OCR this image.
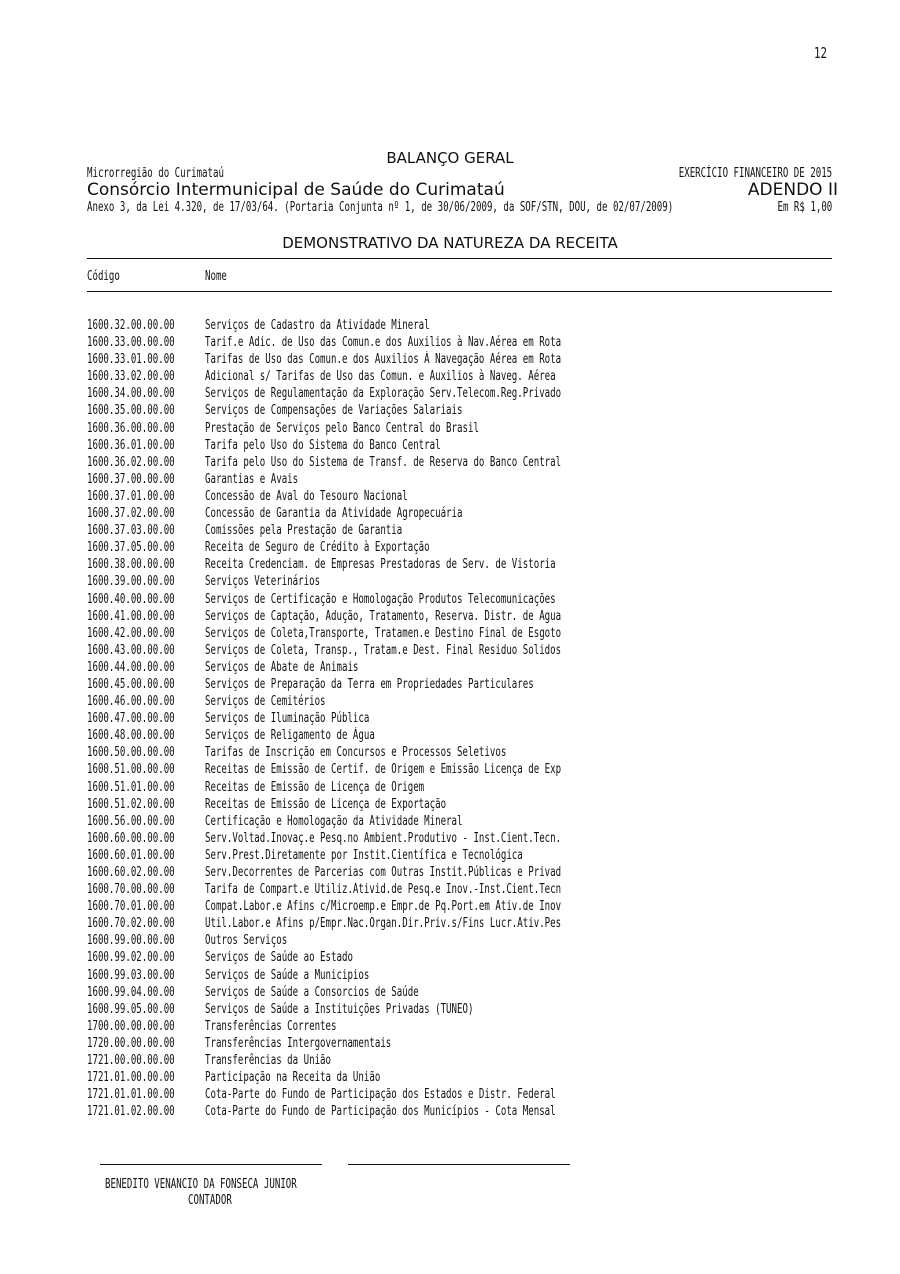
12
BALANÇO GERAL
Microrregião do Curimataú	EXERCÍCIO FINANCEIRO DE 2015
Consórcio Intermunicipal de Saúde do Curimataú	ADENDO II
Anexo 3, da Lei 4.320, de 17/03/64. (Portaria Conjunta nº 1, de 30/06/2009, da SOF/STN, DOU, de 02/07/2009)	Em R$ 1,00
DEMONSTRATIVO DA NATUREZA DA RECEITA
Código	Nome
1600.32.00.00.00 Serviços de Cadastro da Atividade Mineral
1600.33.00.00.00 Tarif.e Adic. de Uso das Comun.e dos Auxilios à Nav.Aérea em Rota
1600.33.01.00.00 Tarifas de Uso das Comun.e dos Auxilios À Navegação Aérea em Rota
1600.33.02.00.00 Adicional s/ Tarifas de Uso das Comun. e Auxilios à Naveg. Aérea
1600.34.00.00.00 Serviços de Regulamentação da Exploração Serv.Telecom.Reg.Privado
1600.35.00.00.00 Serviços de Compensações de Variações Salariais
1600.36.00.00.00 Prestação de Serviços pelo Banco Central do Brasil
1600.36.01.00.00 Tarifa pelo Uso do Sistema do Banco Central
1600.36.02.00.00 Tarifa pelo Uso do Sistema de Transf. de Reserva do Banco Central
1600.37.00.00.00 Garantias e Avais
1600.37.01.00.00 Concessão de Aval do Tesouro Nacional
1600.37.02.00.00 Concessão de Garantia da Atividade Agropecuária
1600.37.03.00.00 Comissões pela Prestação de Garantia
1600.37.05.00.00 Receita de Seguro de Crédito à Exportação
1600.38.00.00.00 Receita Credenciam. de Empresas Prestadoras de Serv. de Vistoria
1600.39.00.00.00 Serviços Veterinários
1600.40.00.00.00 Serviços de Certificação e Homologação Produtos Telecomunicações
1600.41.00.00.00 Serviços de Captação, Adução, Tratamento, Reserva. Distr. de Agua
1600.42.00.00.00 Serviços de Coleta,Transporte, Tratamen.e Destino Final de Esgoto
1600.43.00.00.00 Serviços de Coleta, Transp., Tratam.e Dest. Final Residuo Solidos
1600.44.00.00.00 Serviços de Abate de Animais
1600.45.00.00.00 Serviços de Preparação da Terra em Propriedades Particulares
1600.46.00.00.00 Serviços de Cemitérios
1600.47.00.00.00 Serviços de Iluminação Pública
1600.48.00.00.00 Serviços de Religamento de Água
1600.50.00.00.00 Tarifas de Inscrição em Concursos e Processos Seletivos
1600.51.00.00.00 Receitas de Emissão de Certif. de Origem e Emissão Licença de Exp
1600.51.01.00.00 Receitas de Emissão de Licença de Origem
1600.51.02.00.00 Receitas de Emissão de Licença de Exportação
1600.56.00.00.00 Certificação e Homologação da Atividade Mineral
1600.60.00.00.00 Serv.Voltad.Inovaç.e Pesq.no Ambient.Produtivo - Inst.Cient.Tecn.
1600.60.01.00.00 Serv.Prest.Diretamente por Instit.Científica e Tecnológica
1600.60.02.00.00 Serv.Decorrentes de Parcerias com Outras Instit.Públicas e Privad
1600.70.00.00.00 Tarifa de Compart.e Utiliz.Ativid.de Pesq.e Inov.-Inst.Cient.Tecn
1600.70.01.00.00 Compat.Labor.e Afins c/Microemp.e Empr.de Pq.Port.em Ativ.de Inov
1600.70.02.00.00 Util.Labor.e Afins p/Empr.Nac.Organ.Dir.Priv.s/Fins Lucr.Ativ.Pes
1600.99.00.00.00 Outros Serviços
1600.99.02.00.00 Serviços de Saúde ao Estado
1600.99.03.00.00 Serviços de Saúde a Municipios
1600.99.04.00.00 Serviços de Saúde a Consorcios de Saúde
1600.99.05.00.00 Serviços de Saúde a Instituições Privadas (TUNEO)
1700.00.00.00.00 Transferências Correntes
1720.00.00.00.00 Transferências Intergovernamentais
1721.00.00.00.00 Transferências da União
1721.01.00.00.00 Participação na Receita da União
1721.01.01.00.00 Cota-Parte do Fundo de Participação dos Estados e Distr. Federal
1721.01.02.00.00 Cota-Parte do Fundo de Participação dos Municípios - Cota Mensal
BENEDITO VENANCIO DA FONSECA JUNIOR
CONTADOR
